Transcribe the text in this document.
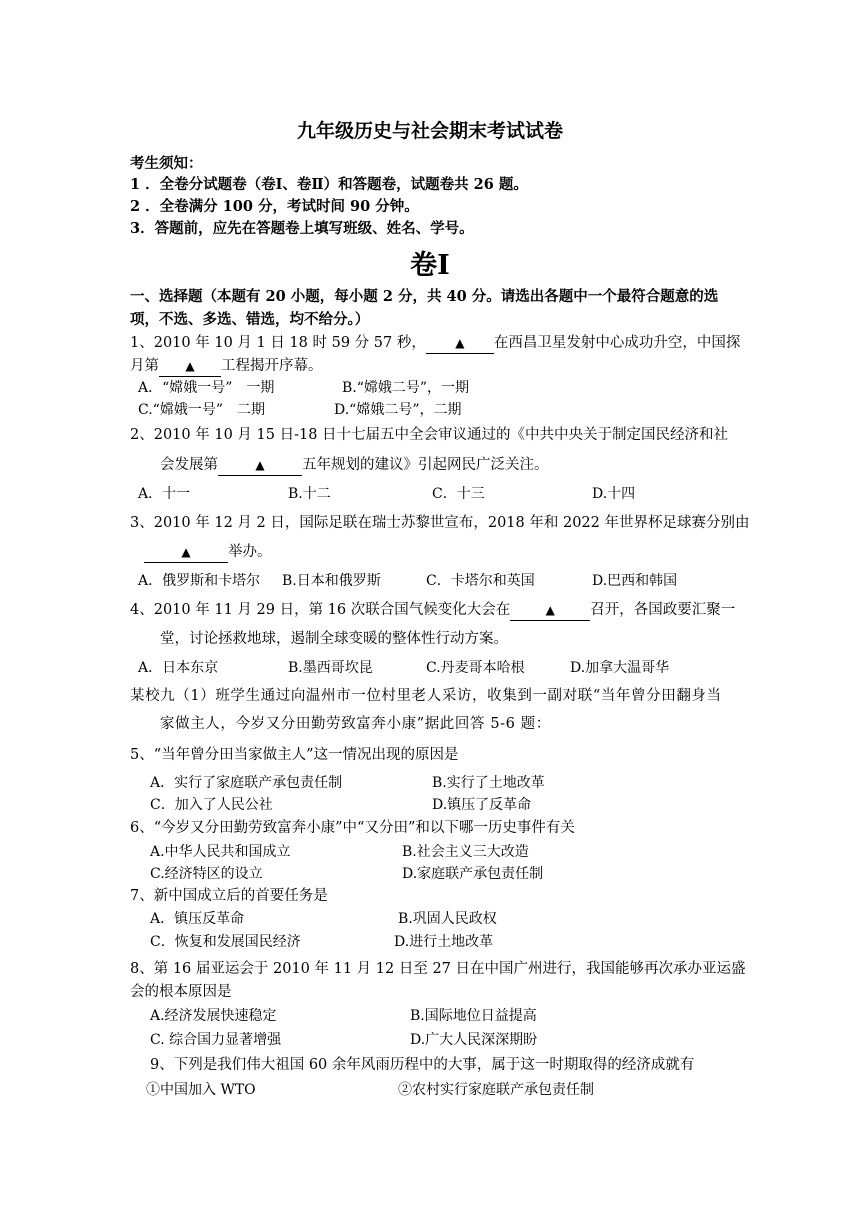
九年级历史与社会期末考试试卷
考生须知：
1 ．全卷分试题卷（卷Ⅰ、卷Ⅱ）和答题卷，试题卷共 26 题。
2 ．全卷满分 100 分，考试时间 90 分钟。
3．答题前，应先在答题卷上填写班级、姓名、学号。
卷Ⅰ
一、选择题（本题有 20 小题，每小题 2 分，共 40 分。请选出各题中一个最符合题意的选
项，不选、多选、错选，均不给分。）
1、2010 年 10 月 1 日 18 时 59 分 57 秒， ▲ 在西昌卫星发射中心成功升空，中国探
月第 ▲ 工程揭开序幕。
A．“嫦娥一号”　一期	B.“嫦娥二号”，一期
C.“嫦娥一号”　二期	D.“嫦娥二号”，二期
2、2010 年 10 月 15 日-18 日十七届五中全会审议通过的《中共中央关于制定国民经济和社
会发展第	▲	五年规划的建议》引起网民广泛关注。
A．十一	B.十二	C．十三	D.十四
3、2010 年 12 月 2 日，国际足联在瑞士苏黎世宣布，2018 年和 2022 年世界杯足球赛分别由
▲	举办。
A．俄罗斯和卡塔尔 B.日本和俄罗斯	C．卡塔尔和英国	D.巴西和韩国
4、2010 年 11 月 29 日，第 16 次联合国气候变化大会在	▲ 召开，各国政要汇聚一
堂，讨论拯救地球，遏制全球变暖的整体性行动方案。
A．日本东京	B.墨西哥坎昆	C.丹麦哥本哈根	D.加拿大温哥华
某校九（1）班学生通过向温州市一位村里老人采访，收集到一副对联“当年曾分田翻身当
家做主人，今岁又分田勤劳致富奔小康”据此回答 5-6 题：
5、“当年曾分田当家做主人”这一情况出现的原因是
A．实行了家庭联产承包责任制	B.实行了土地改革
C．加入了人民公社	D.镇压了反革命
6、“今岁又分田勤劳致富奔小康”中“又分田”和以下哪一历史事件有关
A.中华人民共和国成立	B.社会主义三大改造
C.经济特区的设立	D.家庭联产承包责任制
7、新中国成立后的首要任务是
A．镇压反革命	B.巩固人民政权
C．恢复和发展国民经济	D.进行土地改革
8、第 16 届亚运会于 2010 年 11 月 12 日至 27 日在中国广州进行，我国能够再次承办亚运盛
会的根本原因是
A.经济发展快速稳定	B.国际地位日益提高
C. 综合国力显著增强	D.广大人民深深期盼
9、下列是我们伟大祖国 60 余年风雨历程中的大事，属于这一时期取得的经济成就有
①中国加入 WTO	②农村实行家庭联产承包责任制
